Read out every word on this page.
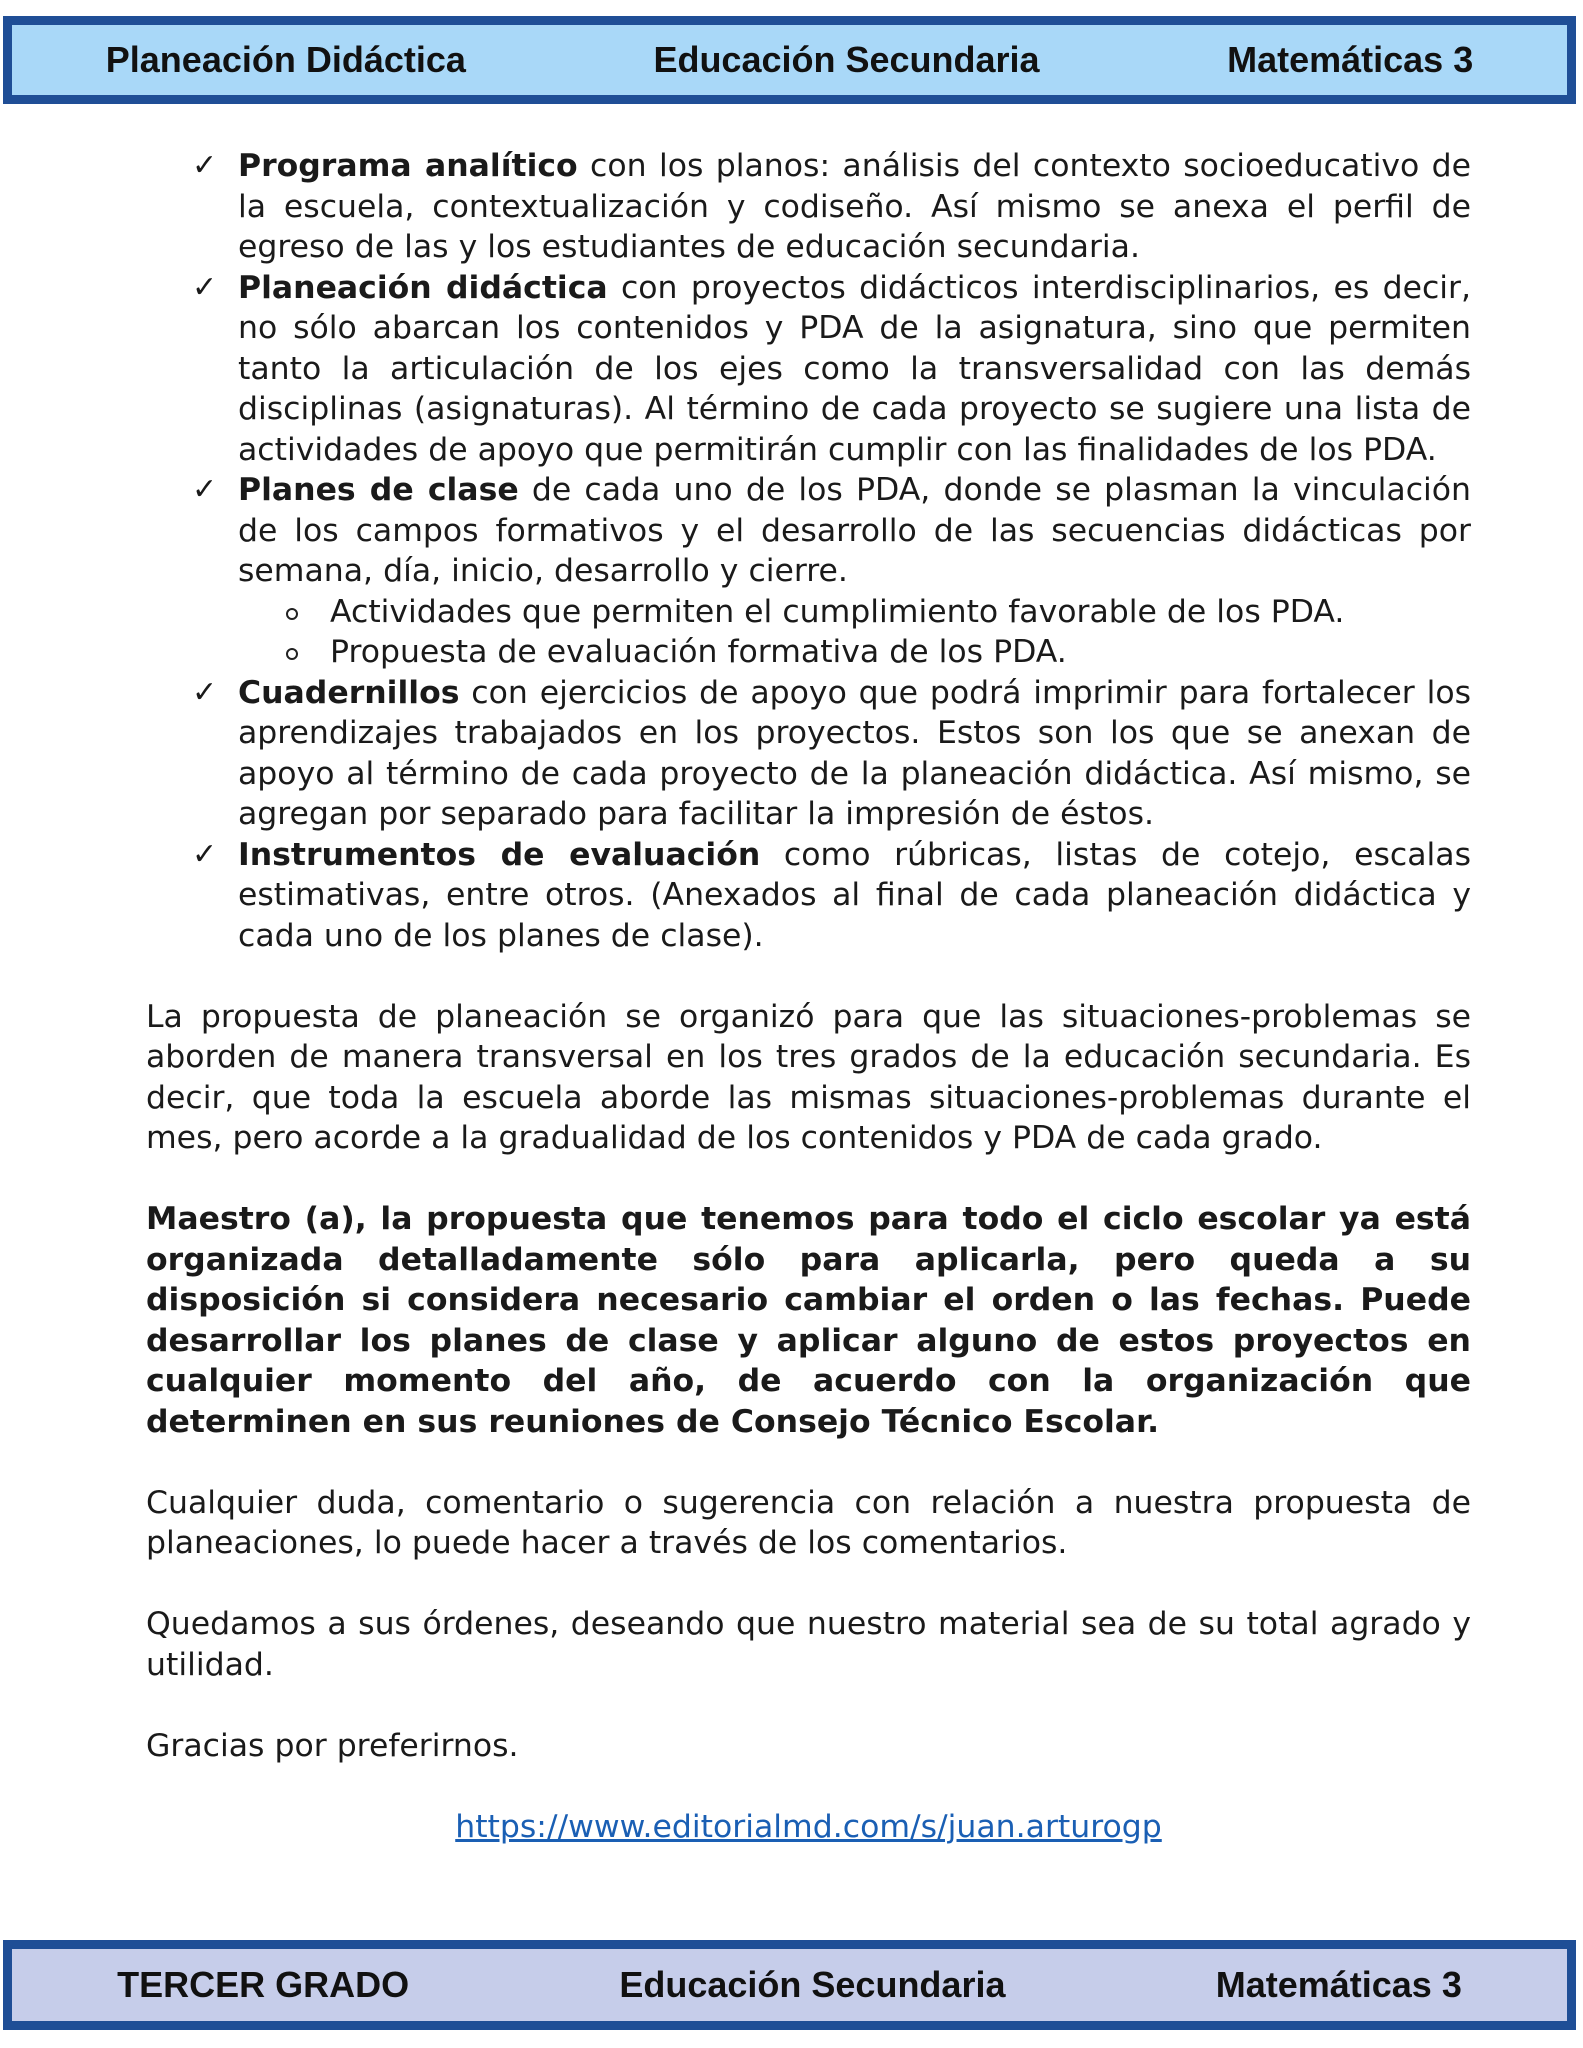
Planeación Didáctica	Educación Secundaria	Matemáticas 3
✓ Programa analítico con los planos: análisis del contexto socioeducativo de la escuela, contextualización y codiseño. Así mismo se anexa el perfil de egreso de las y los estudiantes de educación secundaria.
✓ Planeación didáctica con proyectos didácticos interdisciplinarios, es decir, no sólo abarcan los contenidos y PDA de la asignatura, sino que permiten tanto la articulación de los ejes como la transversalidad con las demás disciplinas (asignaturas). Al término de cada proyecto se sugiere una lista de actividades de apoyo que permitirán cumplir con las finalidades de los PDA.
✓ Planes de clase de cada uno de los PDA, donde se plasman la vinculación de los campos formativos y el desarrollo de las secuencias didácticas por semana, día, inicio, desarrollo y cierre.
Actividades que permiten el cumplimiento favorable de los PDA.
Propuesta de evaluación formativa de los PDA.
✓ Cuadernillos con ejercicios de apoyo que podrá imprimir para fortalecer los aprendizajes trabajados en los proyectos. Estos son los que se anexan de apoyo al término de cada proyecto de la planeación didáctica. Así mismo, se agregan por separado para facilitar la impresión de éstos.
✓ Instrumentos de evaluación como rúbricas, listas de cotejo, escalas estimativas, entre otros. (Anexados al final de cada planeación didáctica y cada uno de los planes de clase).

La propuesta de planeación se organizó para que las situaciones-problemas se aborden de manera transversal en los tres grados de la educación secundaria. Es decir, que toda la escuela aborde las mismas situaciones-problemas durante el mes, pero acorde a la gradualidad de los contenidos y PDA de cada grado.

Maestro (a), la propuesta que tenemos para todo el ciclo escolar ya está organizada detalladamente sólo para aplicarla, pero queda a su disposición si considera necesario cambiar el orden o las fechas. Puede desarrollar los planes de clase y aplicar alguno de estos proyectos en cualquier momento del año, de acuerdo con la organización que determinen en sus reuniones de Consejo Técnico Escolar.

Cualquier duda, comentario o sugerencia con relación a nuestra propuesta de planeaciones, lo puede hacer a través de los comentarios.

Quedamos a sus órdenes, deseando que nuestro material sea de su total agrado y utilidad.

Gracias por preferirnos.

https://www.editorialmd.com/s/juan.arturogp
TERCER GRADO	Educación Secundaria	Matemáticas 3
